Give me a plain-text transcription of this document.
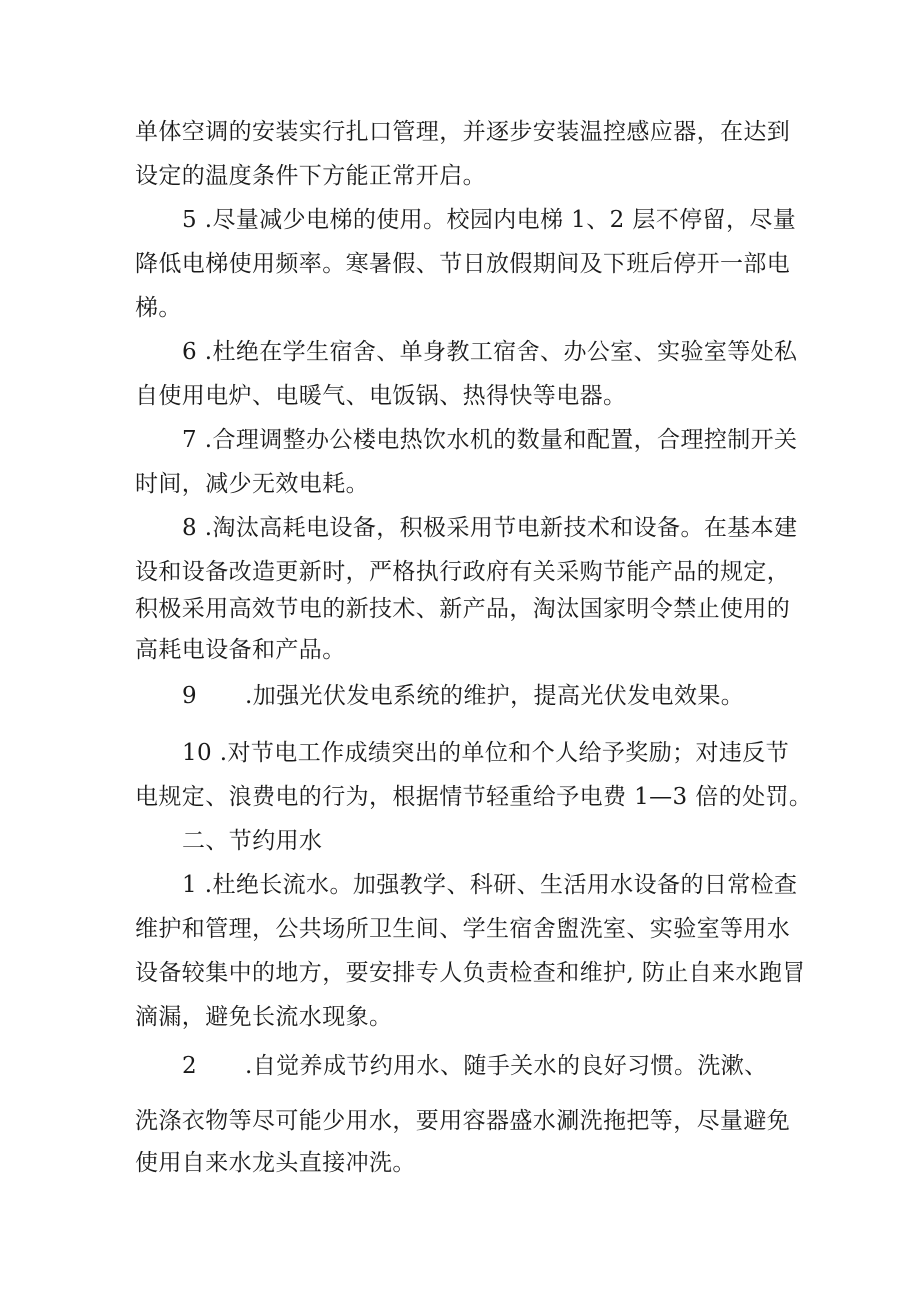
单体空调的安装实行扎口管理，并逐步安装温控感应器，在达到
设定的温度条件下方能正常开启。
5 .尽量减少电梯的使用。校园内电梯 1、2 层不停留，尽量
降低电梯使用频率。寒暑假、节日放假期间及下班后停开一部电
梯。
6 .杜绝在学生宿舍、单身教工宿舍、办公室、实验室等处私
自使用电炉、电暖气、电饭锅、热得快等电器。
7 .合理调整办公楼电热饮水机的数量和配置，合理控制开关
时间，减少无效电耗。
8 .淘汰高耗电设备，积极采用节电新技术和设备。在基本建
设和设备改造更新时，严格执行政府有关采购节能产品的规定，
积极采用高效节电的新技术、新产品，淘汰国家明令禁止使用的
高耗电设备和产品。
9 .加强光伏发电系统的维护，提高光伏发电效果。
10 .对节电工作成绩突出的单位和个人给予奖励；对违反节
电规定、浪费电的行为，根据情节轻重给予电费 1—3 倍的处罚。
二、节约用水
1 .杜绝长流水。加强教学、科研、生活用水设备的日常检查
维护和管理，公共场所卫生间、学生宿舍盥洗室、实验室等用水
设备较集中的地方，要安排专人负责检查和维护, 防止自来水跑冒
滴漏，避免长流水现象。
2 .自觉养成节约用水、随手关水的良好习惯。洗漱、
洗涤衣物等尽可能少用水，要用容器盛水涮洗拖把等，尽量避免
使用自来水龙头直接冲洗。
